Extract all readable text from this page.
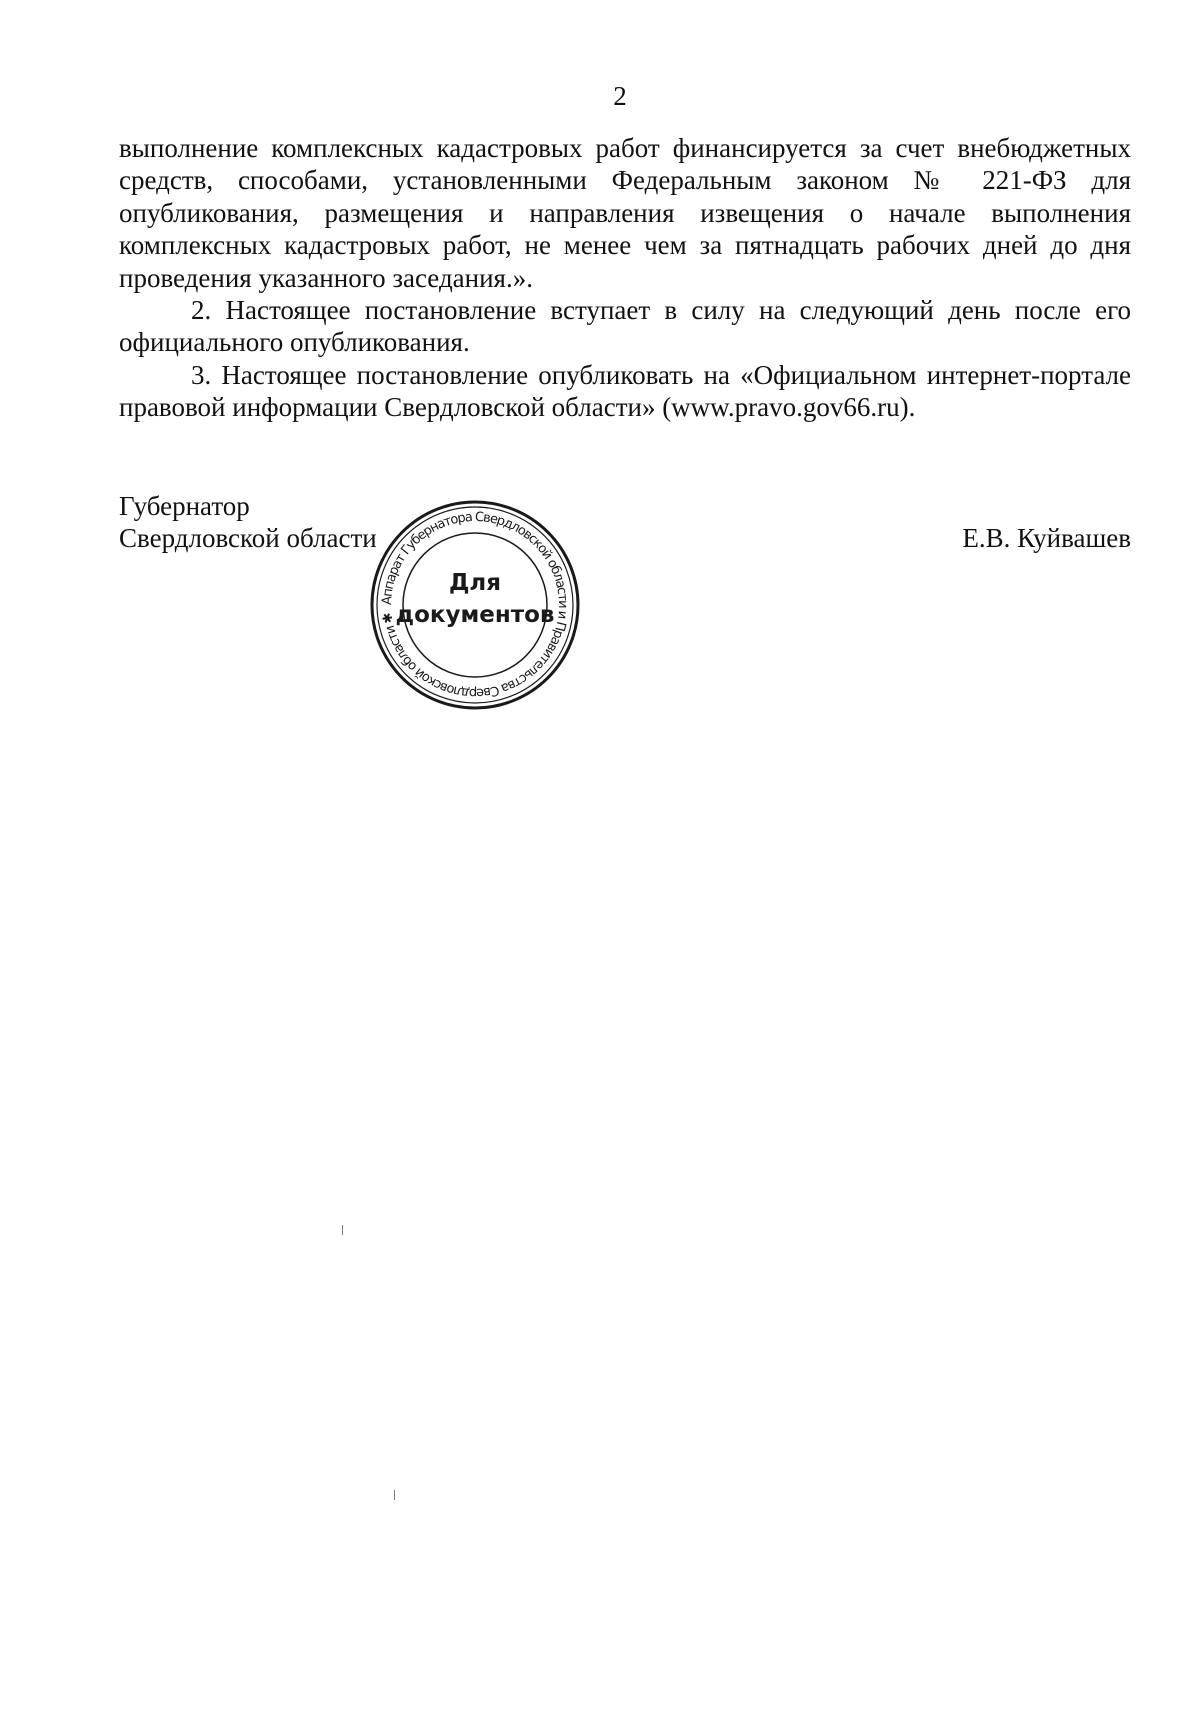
2

выполнение комплексных кадастровых работ финансируется за счет внебюджетных средств, способами, установленными Федеральным законом № 221-ФЗ для опубликования, размещения и направления извещения о начале выполнения комплексных кадастровых работ, не менее чем за пятнадцать рабочих дней до дня проведения указанного заседания.».

2. Настоящее постановление вступает в силу на следующий день после его официального опубликования.

3. Настоящее постановление опубликовать на «Официальном интернет-портале правовой информации Свердловской области» (www.pravo.gov66.ru).

Губернатор
Свердловской области
Аппарат Губернатора Свердловской области и Правительства Свердловской области ✱
Для
документов
Е.В. Куйвашев
